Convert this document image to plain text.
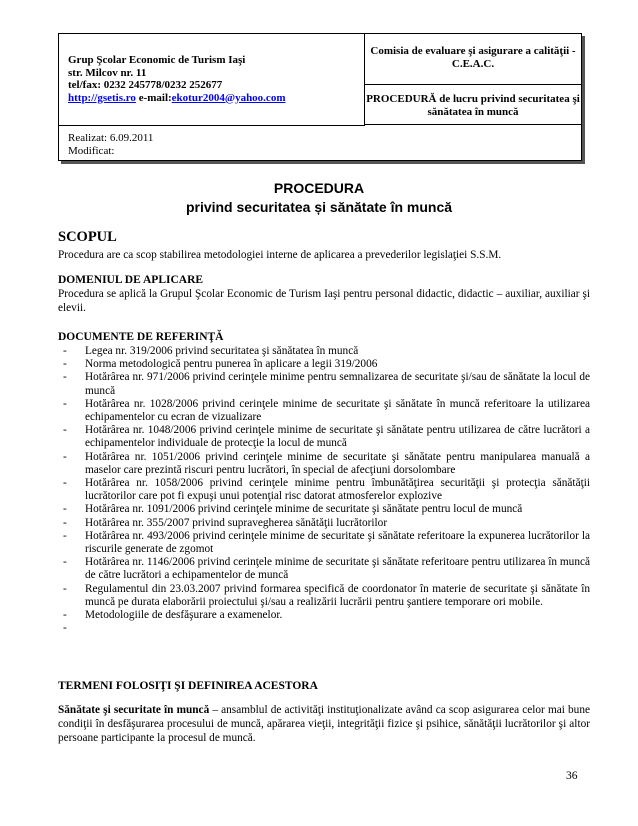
Grup Şcolar Economic de Turism Iaşi
str. Milcov nr. 11
tel/fax: 0232 245778/0232 252677
http://gsetis.ro e-mail:ekotur2004@yahoo.com
Comisia de evaluare şi asigurare a calităţii - C.E.A.C.
PROCEDURĂ de lucru privind securitatea şi sănătatea în muncă
Realizat: 6.09.2011
Modificat:
PROCEDURA
privind securitatea și sănătate în muncă
SCOPUL
Procedura are ca scop stabilirea metodologiei interne de aplicarea a prevederilor legislaţiei S.S.M.
DOMENIUL DE APLICARE
Procedura se aplică la Grupul Şcolar Economic de Turism Iaşi pentru personal didactic, didactic – auxiliar, auxiliar şi elevii.
DOCUMENTE DE REFERINŢĂ
- Legea nr. 319/2006 privind securitatea şi sănătatea în muncă
- Norma metodologică pentru punerea în aplicare a legii 319/2006
- Hotărârea nr. 971/2006 privind cerinţele minime pentru semnalizarea de securitate şi/sau de sănătate la locul de muncă
- Hotărârea nr. 1028/2006 privind cerinţele minime de securitate şi sănătate în muncă referitoare la utilizarea echipamentelor cu ecran de vizualizare
- Hotărârea nr. 1048/2006 privind cerinţele minime de securitate şi sănătate pentru utilizarea de către lucrători a echipamentelor individuale de protecţie la locul de muncă
- Hotărârea nr. 1051/2006 privind cerinţele minime de securitate şi sănătate pentru manipularea manuală a maselor care prezintă riscuri pentru lucrători, în special de afecţiuni dorsolombare
- Hotărârea nr. 1058/2006 privind cerinţele minime pentru îmbunătăţirea securităţii şi protecţia sănătăţii lucrătorilor care pot fi expuşi unui potenţial risc datorat atmosferelor explozive
- Hotărârea nr. 1091/2006 privind cerinţele minime de securitate şi sănătate pentru locul de muncă
- Hotărârea nr. 355/2007 privind supravegherea sănătăţii lucrătorilor
- Hotărârea nr. 493/2006 privind cerinţele minime de securitate şi sănătate referitoare la expunerea lucrătorilor la riscurile generate de zgomot
- Hotărârea nr. 1146/2006 privind cerinţele minime de securitate şi sănătate referitoare pentru utilizarea în muncă de către lucrători a echipamentelor de muncă
- Regulamentul din 23.03.2007 privind formarea specifică de coordonator în materie de securitate şi sănătate în muncă pe durata elaborării proiectului şi/sau a realizării lucrării pentru şantiere temporare ori mobile.
- Metodologiile de desfăşurare a examenelor.
-

TERMENI FOLOSIŢI ŞI DEFINIREA ACESTORA
Sănătate şi securitate în muncă – ansamblul de activităţi instituţionalizate având ca scop asigurarea celor mai bune condiţii în desfăşurarea procesului de muncă, apărarea vieţii, integrităţii fizice şi psihice, sănătăţii lucrătorilor şi altor persoane participante la procesul de muncă.
36
